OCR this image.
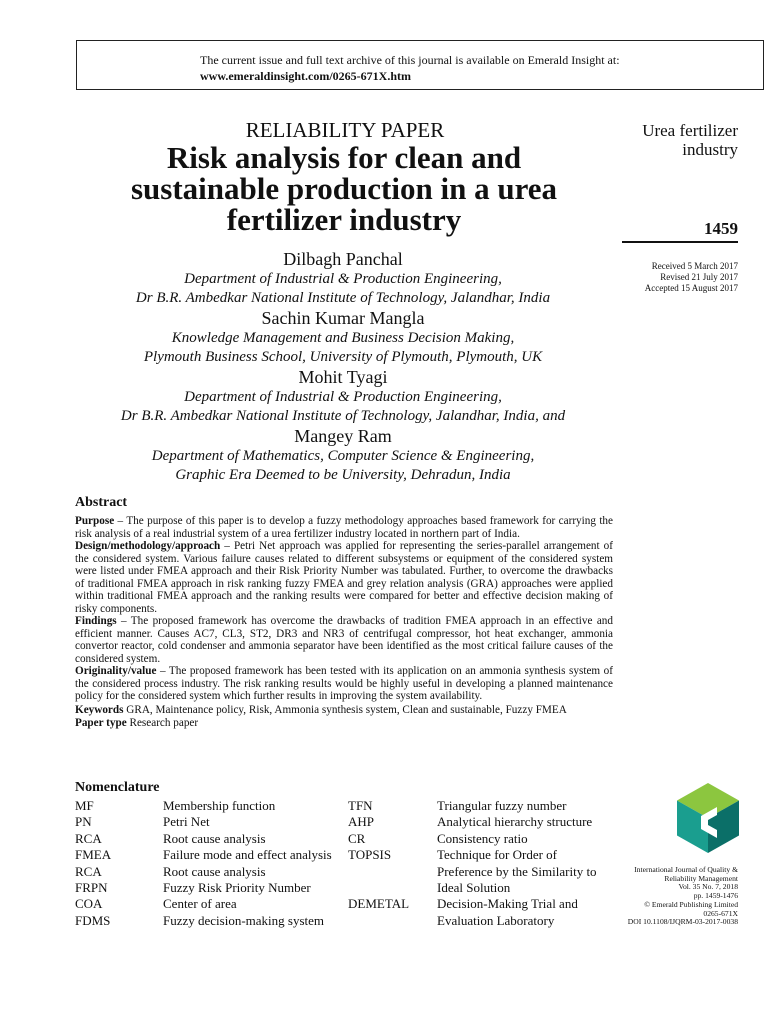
The current issue and full text archive of this journal is available on Emerald Insight at:
www.emeraldinsight.com/0265-671X.htm
RELIABILITY PAPER
Risk analysis for clean and
sustainable production in a urea
fertilizer industry
Dilbagh Panchal
Department of Industrial & Production Engineering,
Dr B.R. Ambedkar National Institute of Technology, Jalandhar, India
Sachin Kumar Mangla
Knowledge Management and Business Decision Making,
Plymouth Business School, University of Plymouth, Plymouth, UK
Mohit Tyagi
Department of Industrial & Production Engineering,
Dr B.R. Ambedkar National Institute of Technology, Jalandhar, India, and
Mangey Ram
Department of Mathematics, Computer Science & Engineering,
Graphic Era Deemed to be University, Dehradun, India
Urea fertilizer
industry
1459
Received 5 March 2017
Revised 21 July 2017
Accepted 15 August 2017
Abstract

Purpose – The purpose of this paper is to develop a fuzzy methodology approaches based framework for carrying the risk analysis of a real industrial system of a urea fertilizer industry located in northern part of India.

Design/methodology/approach – Petri Net approach was applied for representing the series-parallel arrangement of the considered system. Various failure causes related to different subsystems or equipment of the considered system were listed under FMEA approach and their Risk Priority Number was tabulated. Further, to overcome the drawbacks of traditional FMEA approach in risk ranking fuzzy FMEA and grey relation analysis (GRA) approaches were applied within traditional FMEA approach and the ranking results were compared for better and effective decision making of risky components.

Findings – The proposed framework has overcome the drawbacks of tradition FMEA approach in an effective and efficient manner. Causes AC7, CL3, ST2, DR3 and NR3 of centrifugal compressor, hot heat exchanger, ammonia convertor reactor, cold condenser and ammonia separator have been identified as the most critical failure causes of the considered system.

Originality/value – The proposed framework has been tested with its application on an ammonia synthesis system of the considered process industry. The risk ranking results would be highly useful in developing a planned maintenance policy for the considered system which further results in improving the system availability.

Keywords GRA, Maintenance policy, Risk, Ammonia synthesis system, Clean and sustainable, Fuzzy FMEA

Paper type Research paper

Nomenclature
MF
PN
RCA
FMEA
RCA
FRPN
COA
FDMS
Membership function
Petri Net
Root cause analysis
Failure mode and effect analysis
Root cause analysis
Fuzzy Risk Priority Number
Center of area
Fuzzy decision-making system
TFN
AHP
CR
TOPSIS

DEMETAL

Triangular fuzzy number
Analytical hierarchy structure
Consistency ratio
Technique for Order of
Preference by the Similarity to
Ideal Solution
Decision-Making Trial and
Evaluation Laboratory
International Journal of Quality &
Reliability Management
Vol. 35 No. 7, 2018
pp. 1459-1476
© Emerald Publishing Limited
0265-671X
DOI 10.1108/IJQRM-03-2017-0038
